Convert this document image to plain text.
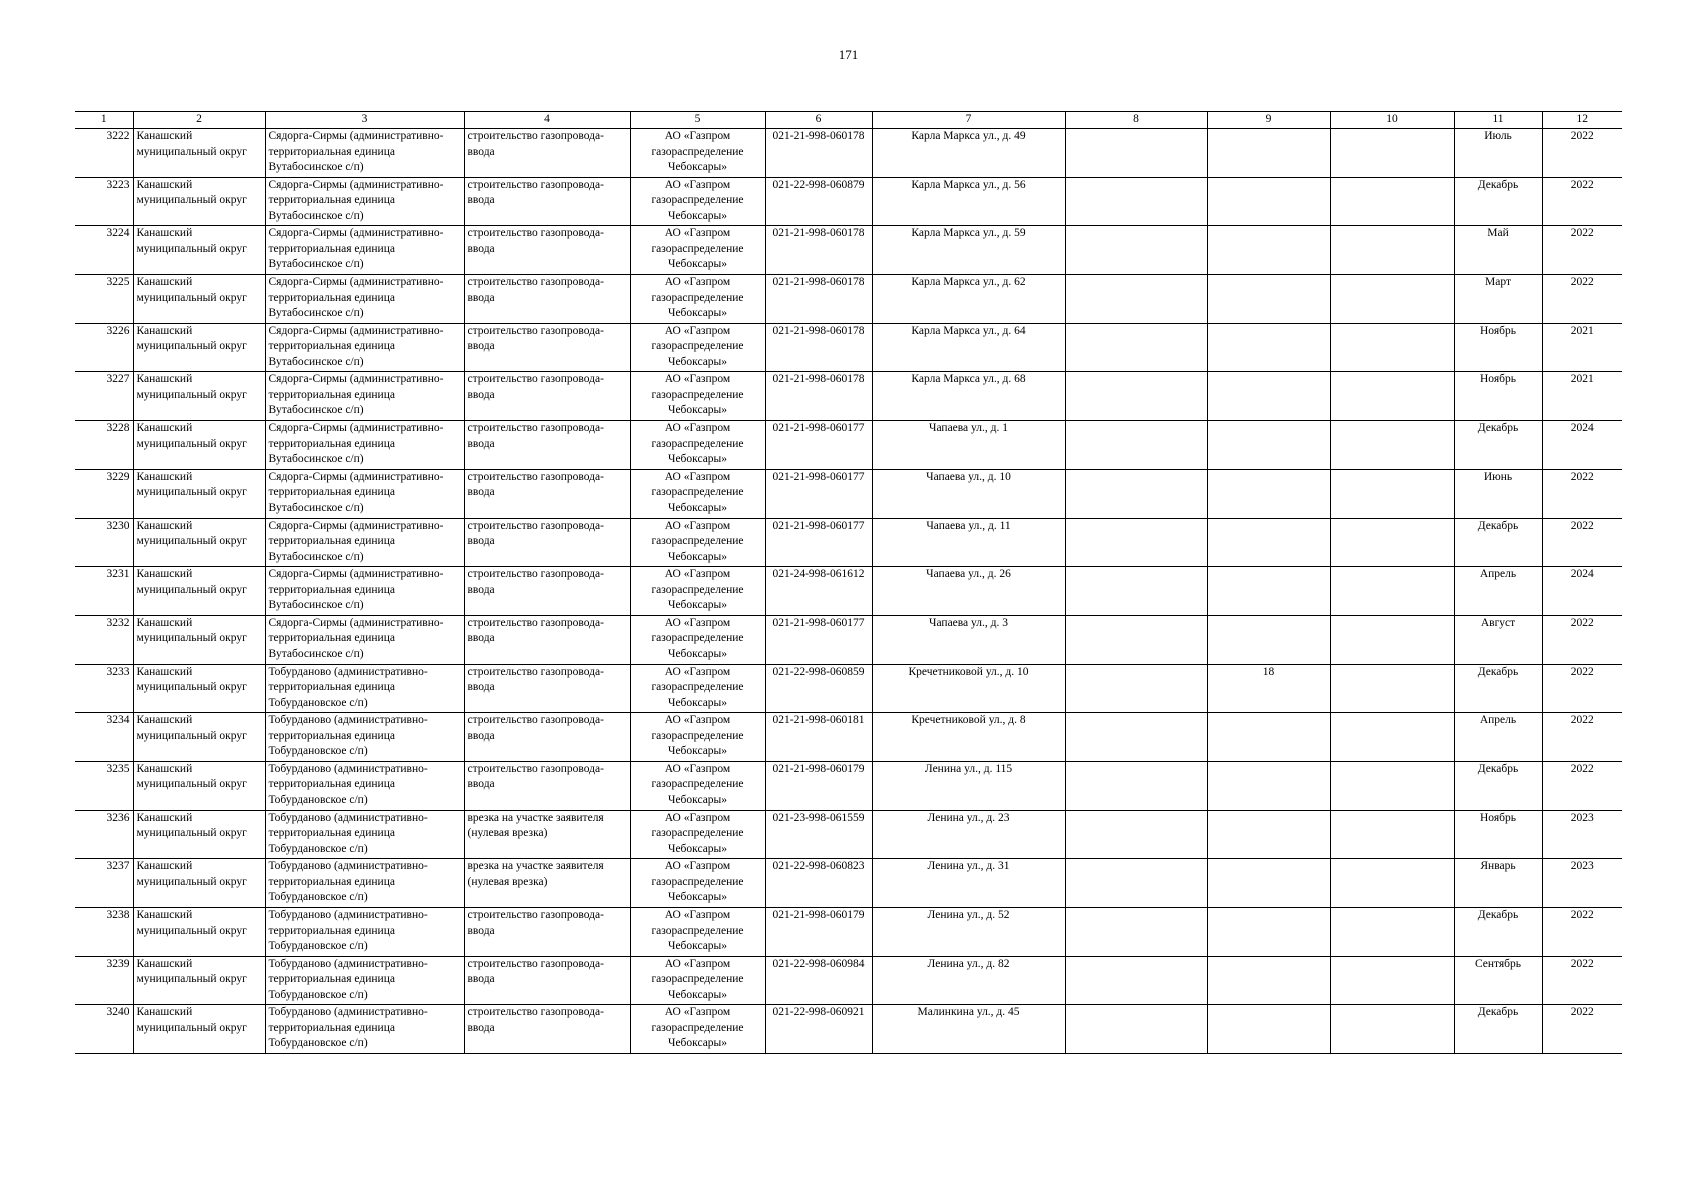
171
1	2	3	4	5	6	7	8	9	10	11	12
3222	Канашский муниципальный округ	Сядорга-Сирмы (административно-территориальная единица Вутабосинское с/п)	строительство газопровода-ввода	АО «Газпром газораспределение Чебоксары»	021-21-998-060178	Карла Маркса ул., д. 49				Июль	2022
3223	Канашский муниципальный округ	Сядорга-Сирмы (административно-территориальная единица Вутабосинское с/п)	строительство газопровода-ввода	АО «Газпром газораспределение Чебоксары»	021-22-998-060879	Карла Маркса ул., д. 56				Декабрь	2022
3224	Канашский муниципальный округ	Сядорга-Сирмы (административно-территориальная единица Вутабосинское с/п)	строительство газопровода-ввода	АО «Газпром газораспределение Чебоксары»	021-21-998-060178	Карла Маркса ул., д. 59				Май	2022
3225	Канашский муниципальный округ	Сядорга-Сирмы (административно-территориальная единица Вутабосинское с/п)	строительство газопровода-ввода	АО «Газпром газораспределение Чебоксары»	021-21-998-060178	Карла Маркса ул., д. 62				Март	2022
3226	Канашский муниципальный округ	Сядорга-Сирмы (административно-территориальная единица Вутабосинское с/п)	строительство газопровода-ввода	АО «Газпром газораспределение Чебоксары»	021-21-998-060178	Карла Маркса ул., д. 64				Ноябрь	2021
3227	Канашский муниципальный округ	Сядорга-Сирмы (административно-территориальная единица Вутабосинское с/п)	строительство газопровода-ввода	АО «Газпром газораспределение Чебоксары»	021-21-998-060178	Карла Маркса ул., д. 68				Ноябрь	2021
3228	Канашский муниципальный округ	Сядорга-Сирмы (административно-территориальная единица Вутабосинское с/п)	строительство газопровода-ввода	АО «Газпром газораспределение Чебоксары»	021-21-998-060177	Чапаева ул., д. 1				Декабрь	2024
3229	Канашский муниципальный округ	Сядорга-Сирмы (административно-территориальная единица Вутабосинское с/п)	строительство газопровода-ввода	АО «Газпром газораспределение Чебоксары»	021-21-998-060177	Чапаева ул., д. 10				Июнь	2022
3230	Канашский муниципальный округ	Сядорга-Сирмы (административно-территориальная единица Вутабосинское с/п)	строительство газопровода-ввода	АО «Газпром газораспределение Чебоксары»	021-21-998-060177	Чапаева ул., д. 11				Декабрь	2022
3231	Канашский муниципальный округ	Сядорга-Сирмы (административно-территориальная единица Вутабосинское с/п)	строительство газопровода-ввода	АО «Газпром газораспределение Чебоксары»	021-24-998-061612	Чапаева ул., д. 26				Апрель	2024
3232	Канашский муниципальный округ	Сядорга-Сирмы (административно-территориальная единица Вутабосинское с/п)	строительство газопровода-ввода	АО «Газпром газораспределение Чебоксары»	021-21-998-060177	Чапаева ул., д. 3				Август	2022
3233	Канашский муниципальный округ	Тобурданово (административно-территориальная единица Тобурдановское с/п)	строительство газопровода-ввода	АО «Газпром газораспределение Чебоксары»	021-22-998-060859	Кречетниковой ул., д. 10		18		Декабрь	2022
3234	Канашский муниципальный округ	Тобурданово (административно-территориальная единица Тобурдановское с/п)	строительство газопровода-ввода	АО «Газпром газораспределение Чебоксары»	021-21-998-060181	Кречетниковой ул., д. 8				Апрель	2022
3235	Канашский муниципальный округ	Тобурданово (административно-территориальная единица Тобурдановское с/п)	строительство газопровода-ввода	АО «Газпром газораспределение Чебоксары»	021-21-998-060179	Ленина ул., д. 115				Декабрь	2022
3236	Канашский муниципальный округ	Тобурданово (административно-территориальная единица Тобурдановское с/п)	врезка на участке заявителя (нулевая врезка)	АО «Газпром газораспределение Чебоксары»	021-23-998-061559	Ленина ул., д. 23				Ноябрь	2023
3237	Канашский муниципальный округ	Тобурданово (административно-территориальная единица Тобурдановское с/п)	врезка на участке заявителя (нулевая врезка)	АО «Газпром газораспределение Чебоксары»	021-22-998-060823	Ленина ул., д. 31				Январь	2023
3238	Канашский муниципальный округ	Тобурданово (административно-территориальная единица Тобурдановское с/п)	строительство газопровода-ввода	АО «Газпром газораспределение Чебоксары»	021-21-998-060179	Ленина ул., д. 52				Декабрь	2022
3239	Канашский муниципальный округ	Тобурданово (административно-территориальная единица Тобурдановское с/п)	строительство газопровода-ввода	АО «Газпром газораспределение Чебоксары»	021-22-998-060984	Ленина ул., д. 82				Сентябрь	2022
3240	Канашский муниципальный округ	Тобурданово (административно-территориальная единица Тобурдановское с/п)	строительство газопровода-ввода	АО «Газпром газораспределение Чебоксары»	021-22-998-060921	Малинкина ул., д. 45				Декабрь	2022
